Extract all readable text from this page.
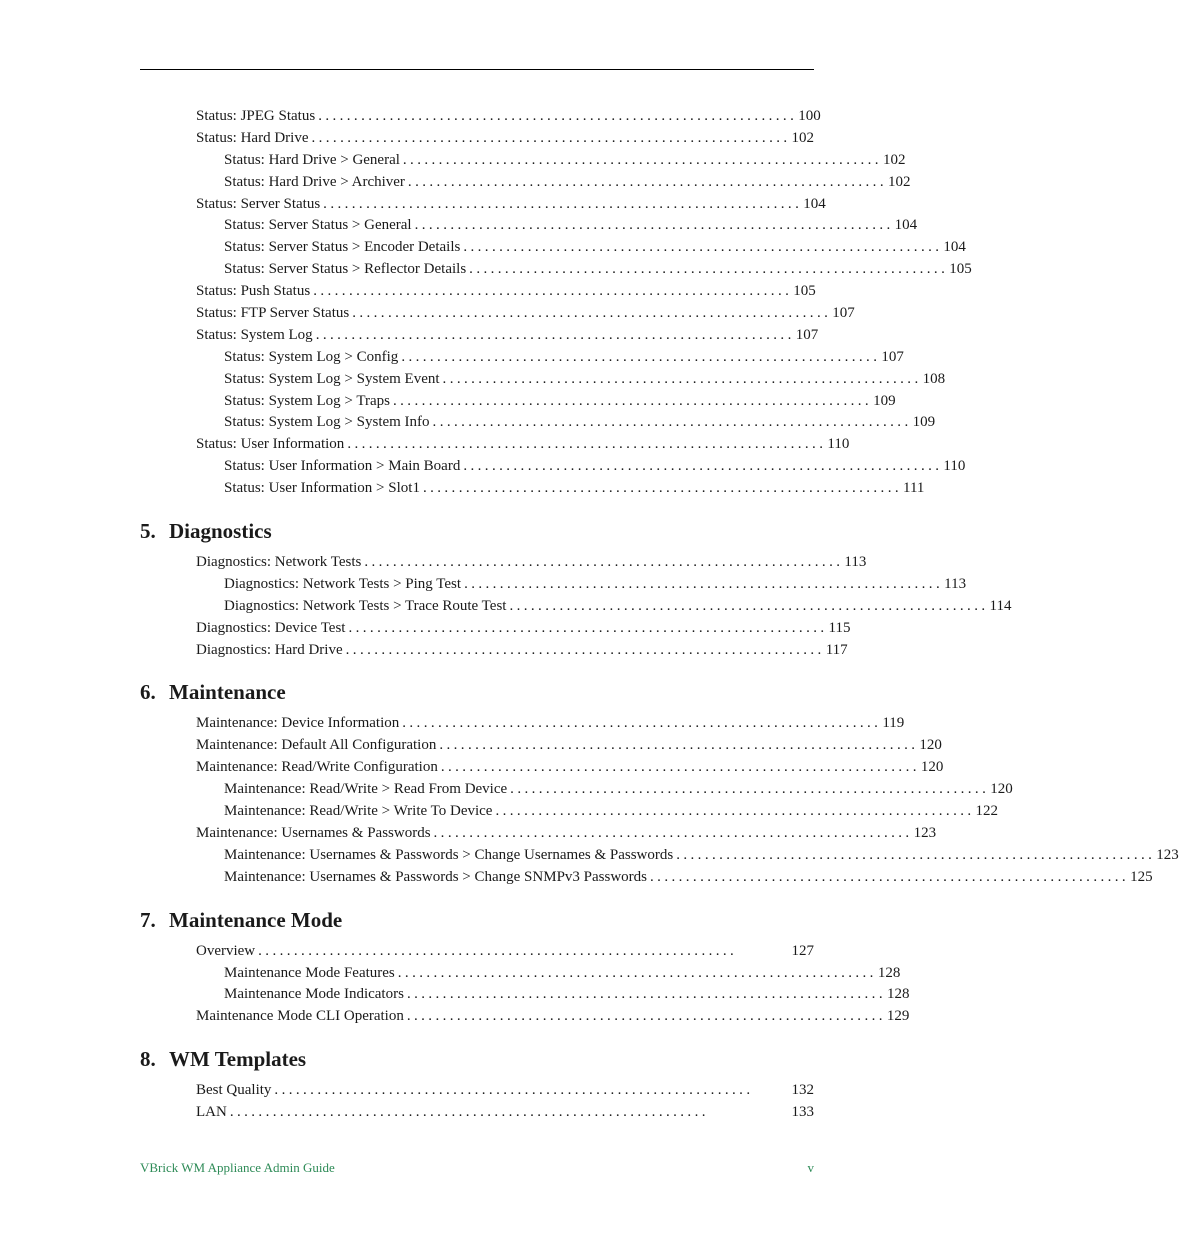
Status: JPEG Status ................................................................... 100
Status: Hard Drive ................................................................... 102
Status: Hard Drive > General ................................................................... 102
Status: Hard Drive > Archiver ................................................................... 102
Status: Server Status ................................................................... 104
Status: Server Status > General ................................................................... 104
Status: Server Status > Encoder Details ................................................................... 104
Status: Server Status > Reflector Details ................................................................... 105
Status: Push Status ................................................................... 105
Status: FTP Server Status ................................................................... 107
Status: System Log ................................................................... 107
Status: System Log > Config ................................................................... 107
Status: System Log > System Event ................................................................... 108
Status: System Log > Traps ................................................................... 109
Status: System Log > System Info ................................................................... 109
Status: User Information ................................................................... 110
Status: User Information > Main Board ................................................................... 110
Status: User Information > Slot1 ................................................................... 111
5. Diagnostics
Diagnostics: Network Tests ................................................................... 113
Diagnostics: Network Tests > Ping Test ................................................................... 113
Diagnostics: Network Tests > Trace Route Test ................................................................... 114
Diagnostics: Device Test ................................................................... 115
Diagnostics: Hard Drive ................................................................... 117
6. Maintenance
Maintenance: Device Information ................................................................... 119
Maintenance: Default All Configuration ................................................................... 120
Maintenance: Read/Write Configuration ................................................................... 120
Maintenance: Read/Write > Read From Device ................................................................... 120
Maintenance: Read/Write > Write To Device ................................................................... 122
Maintenance: Usernames & Passwords ................................................................... 123
Maintenance: Usernames & Passwords > Change Usernames & Passwords ................................................................... 123
Maintenance: Usernames & Passwords > Change SNMPv3 Passwords ................................................................... 125
7. Maintenance Mode
Overview ...................................................................	127
Maintenance Mode Features ................................................................... 128
Maintenance Mode Indicators ................................................................... 128
Maintenance Mode CLI Operation ................................................................... 129
8. WM Templates
Best Quality ...................................................................	132
LAN ...................................................................	133
VBrick WM Appliance Admin Guide	v
